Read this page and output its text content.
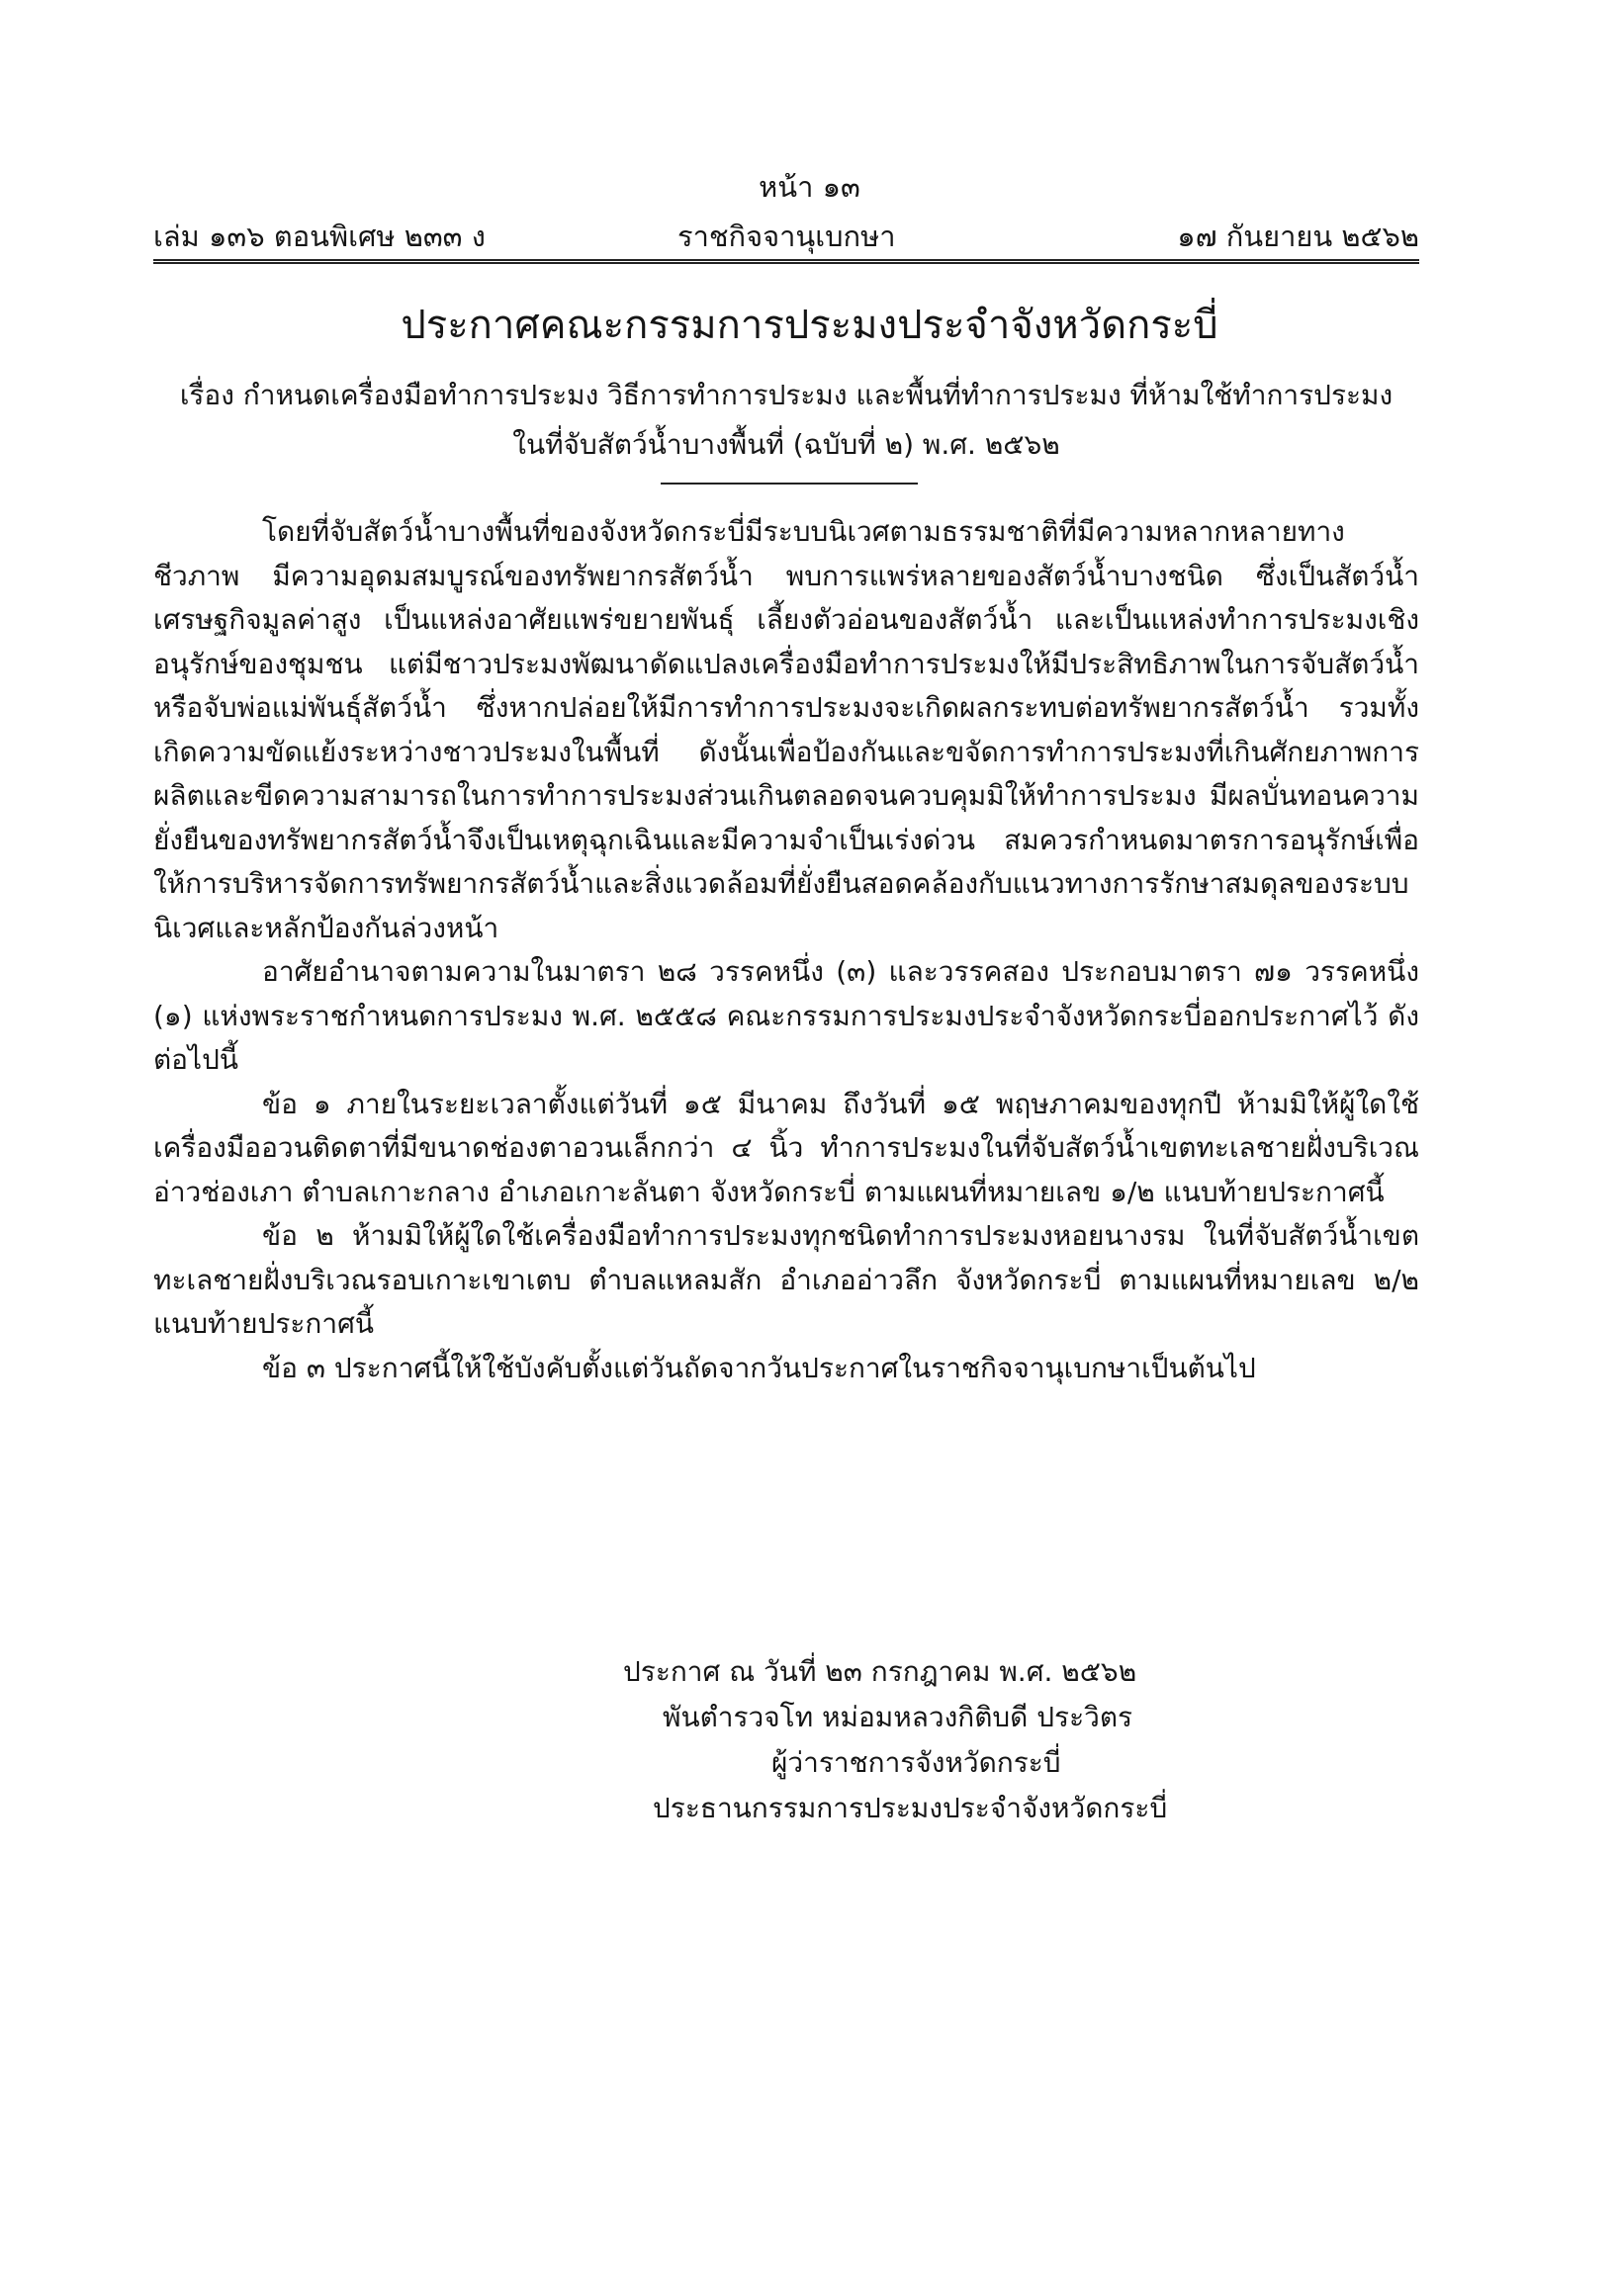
หน้า ๑๓
เล่ม ๑๓๖ ตอนพิเศษ ๒๓๓ ง	ราชกิจจานุเบกษา	๑๗ กันยายน ๒๕๖๒
ประกาศคณะกรรมการประมงประจำจังหวัดกระบี่
เรื่อง กำหนดเครื่องมือทำการประมง วิธีการทำการประมง และพื้นที่ทำการประมง ที่ห้ามใช้ทำการประมง
ในที่จับสัตว์น้ำบางพื้นที่ (ฉบับที่ ๒) พ.ศ. ๒๕๖๒

โดยที่จับสัตว์น้ำบางพื้นที่ของจังหวัดกระบี่มีระบบนิเวศตามธรรมชาติที่มีความหลากหลายทางชีวภาพ มีความอุดมสมบูรณ์ของทรัพยากรสัตว์น้ำ พบการแพร่หลายของสัตว์น้ำบางชนิด ซึ่งเป็นสัตว์น้ำเศรษฐกิจมูลค่าสูง เป็นแหล่งอาศัยแพร่ขยายพันธุ์ เลี้ยงตัวอ่อนของสัตว์น้ำ และเป็นแหล่งทำการประมงเชิงอนุรักษ์ของชุมชน แต่มีชาวประมงพัฒนาดัดแปลงเครื่องมือทำการประมงให้มีประสิทธิภาพในการจับสัตว์น้ำ หรือจับพ่อแม่พันธุ์สัตว์น้ำ ซึ่งหากปล่อยให้มีการทำการประมงจะเกิดผลกระทบต่อทรัพยากรสัตว์น้ำ รวมทั้งเกิดความขัดแย้งระหว่างชาวประมงในพื้นที่ ดังนั้นเพื่อป้องกันและขจัดการทำการประมงที่เกินศักยภาพการผลิตและขีดความสามารถในการทำการประมงส่วนเกินตลอดจนควบคุมมิให้ทำการประมง มีผลบั่นทอนความยั่งยืนของทรัพยากรสัตว์น้ำจึงเป็นเหตุฉุกเฉินและมีความจำเป็นเร่งด่วน สมควรกำหนดมาตรการอนุรักษ์เพื่อให้การบริหารจัดการทรัพยากรสัตว์น้ำและสิ่งแวดล้อมที่ยั่งยืนสอดคล้องกับแนวทางการรักษาสมดุลของระบบนิเวศและหลักป้องกันล่วงหน้า

อาศัยอำนาจตามความในมาตรา ๒๘ วรรคหนึ่ง (๓) และวรรคสอง ประกอบมาตรา ๗๑ วรรคหนึ่ง (๑) แห่งพระราชกำหนดการประมง พ.ศ. ๒๕๕๘ คณะกรรมการประมงประจำจังหวัดกระบี่ออกประกาศไว้ ดังต่อไปนี้

ข้อ ๑ ภายในระยะเวลาตั้งแต่วันที่ ๑๕ มีนาคม ถึงวันที่ ๑๕ พฤษภาคมของทุกปี ห้ามมิให้ผู้ใดใช้เครื่องมืออวนติดตาที่มีขนาดช่องตาอวนเล็กกว่า ๔ นิ้ว ทำการประมงในที่จับสัตว์น้ำเขตทะเลชายฝั่งบริเวณอ่าวช่องเภา ตำบลเกาะกลาง อำเภอเกาะลันตา จังหวัดกระบี่ ตามแผนที่หมายเลข ๑/๒ แนบท้ายประกาศนี้

ข้อ ๒ ห้ามมิให้ผู้ใดใช้เครื่องมือทำการประมงทุกชนิดทำการประมงหอยนางรม ในที่จับสัตว์น้ำเขตทะเลชายฝั่งบริเวณรอบเกาะเขาเตบ ตำบลแหลมสัก อำเภออ่าวลึก จังหวัดกระบี่ ตามแผนที่หมายเลข ๒/๒ แนบท้ายประกาศนี้

ข้อ ๓ ประกาศนี้ให้ใช้บังคับตั้งแต่วันถัดจากวันประกาศในราชกิจจานุเบกษาเป็นต้นไป

ประกาศ ณ วันที่ ๒๓ กรกฎาคม พ.ศ. ๒๕๖๒
พันตำรวจโท หม่อมหลวงกิติบดี ประวิตร
ผู้ว่าราชการจังหวัดกระบี่
ประธานกรรมการประมงประจำจังหวัดกระบี่
